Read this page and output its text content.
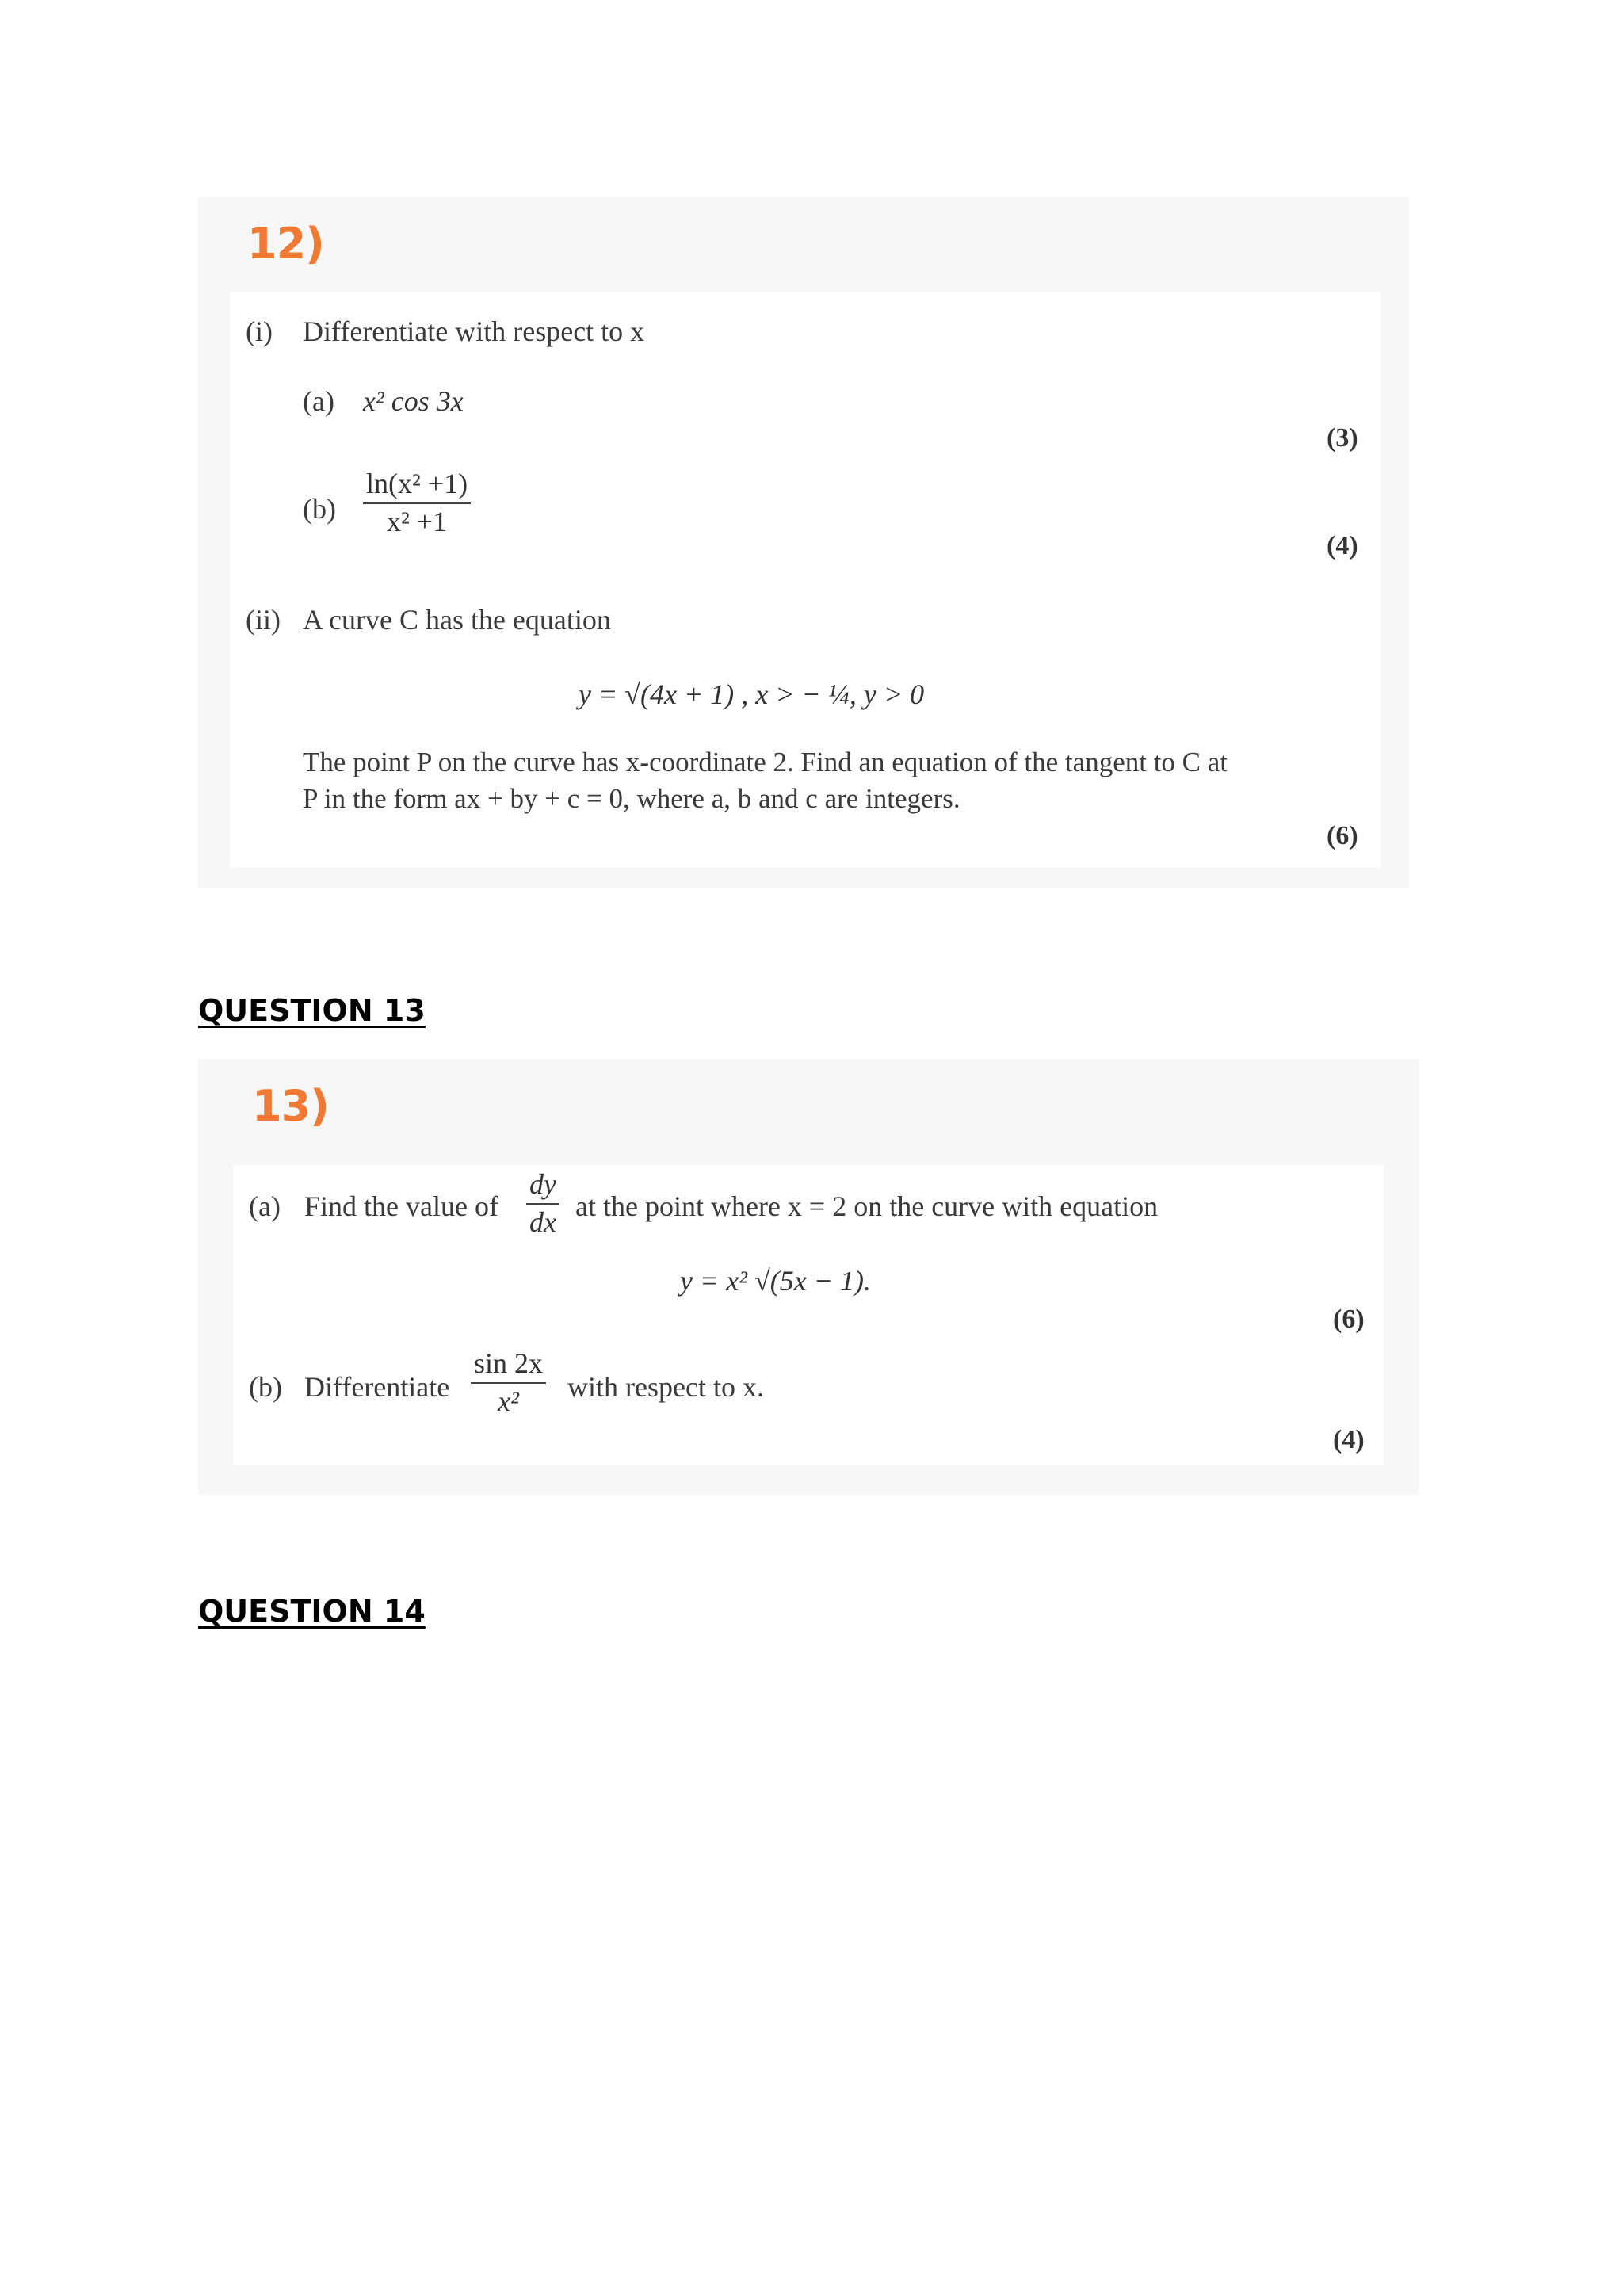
12)
(i) Differentiate with respect to x
(a) x² cos 3x
(3)
(b)
ln(x² +1)
x² +1
(4)
(ii) A curve C has the equation
y = √(4x + 1) , x > − ¼, y > 0
The point P on the curve has x-coordinate 2. Find an equation of the tangent to C at
P in the form ax + by + c = 0, where a, b and c are integers.
(6)
QUESTION 13
13)
(a) Find the value of
dy
dx at the point where x = 2 on the curve with equation
y = x² √(5x − 1).
(6)
(b) Differentiate
sin 2x
x² with respect to x.
(4)
QUESTION 14
